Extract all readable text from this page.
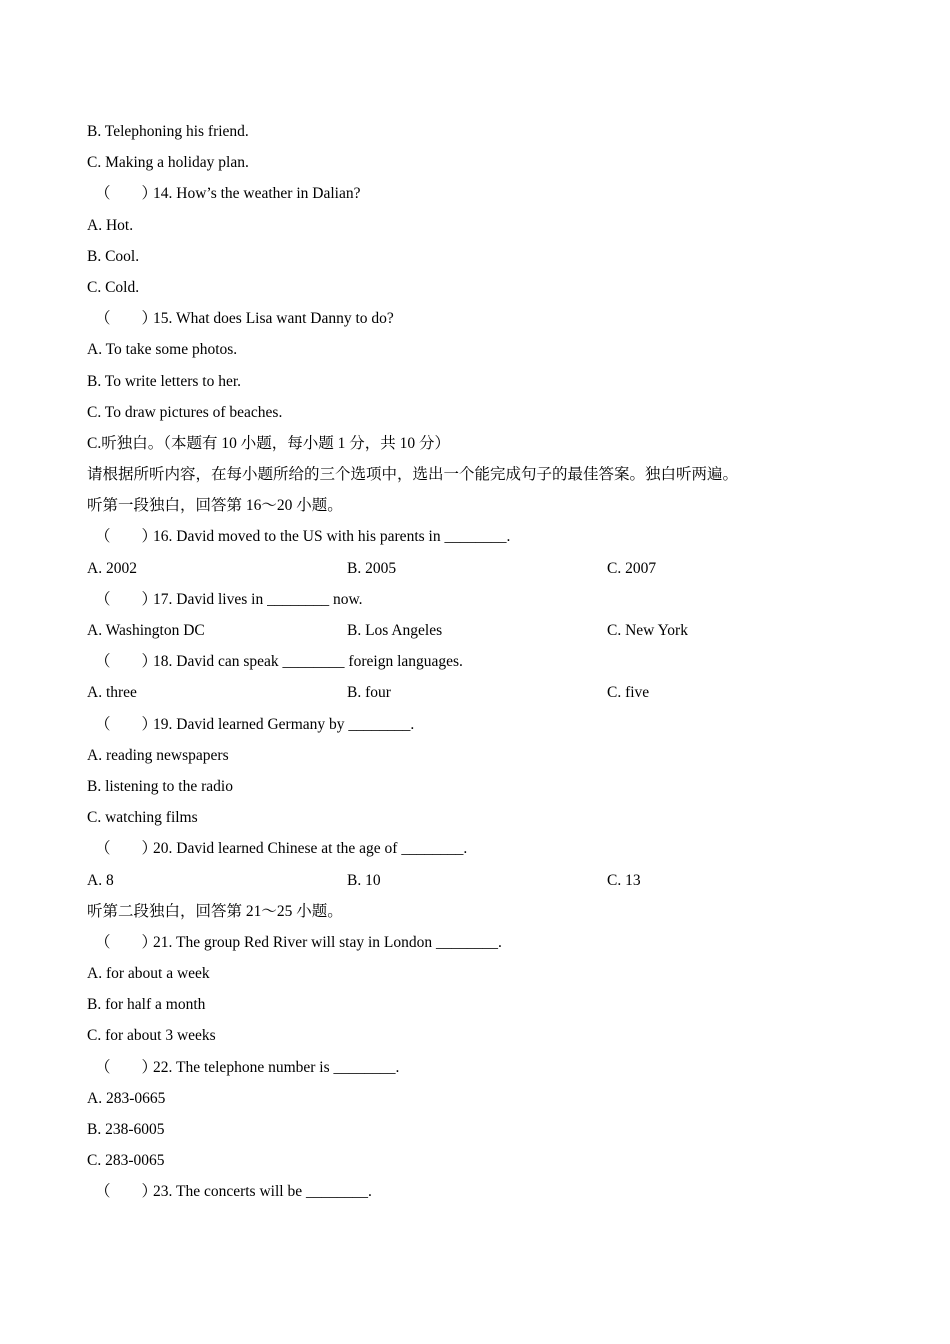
B. Telephoning his friend.
C. Making a holiday plan.
（　　）14. How’s the weather in Dalian?
A. Hot.
B. Cool.
C. Cold.
（　　）15. What does Lisa want Danny to do?
A. To take some photos.
B. To write letters to her.
C. To draw pictures of beaches.
C.听独白。（本题有 10 小题，每小题 1 分，共 10 分）
请根据所听内容，在每小题所给的三个选项中，选出一个能完成句子的最佳答案。独白听两遍。
听第一段独白，回答第 16～20 小题。
（　　）16. David moved to the US with his parents in ________.
A. 2002	B. 2005	C. 2007
（　　）17. David lives in ________ now.
A. Washington DC	B. Los Angeles	C. New York
（　　）18. David can speak ________ foreign languages.
A. three	B. four	C. five
（　　）19. David learned Germany by ________.
A. reading newspapers
B. listening to the radio
C. watching films
（　　）20. David learned Chinese at the age of ________.
A. 8	B. 10	C. 13
听第二段独白，回答第 21～25 小题。
（　　）21. The group Red River will stay in London ________.
A. for about a week
B. for half a month
C. for about 3 weeks
（　　）22. The telephone number is ________.
A. 283-0665
B. 238-6005
C. 283-0065
（　　）23. The concerts will be ________.
